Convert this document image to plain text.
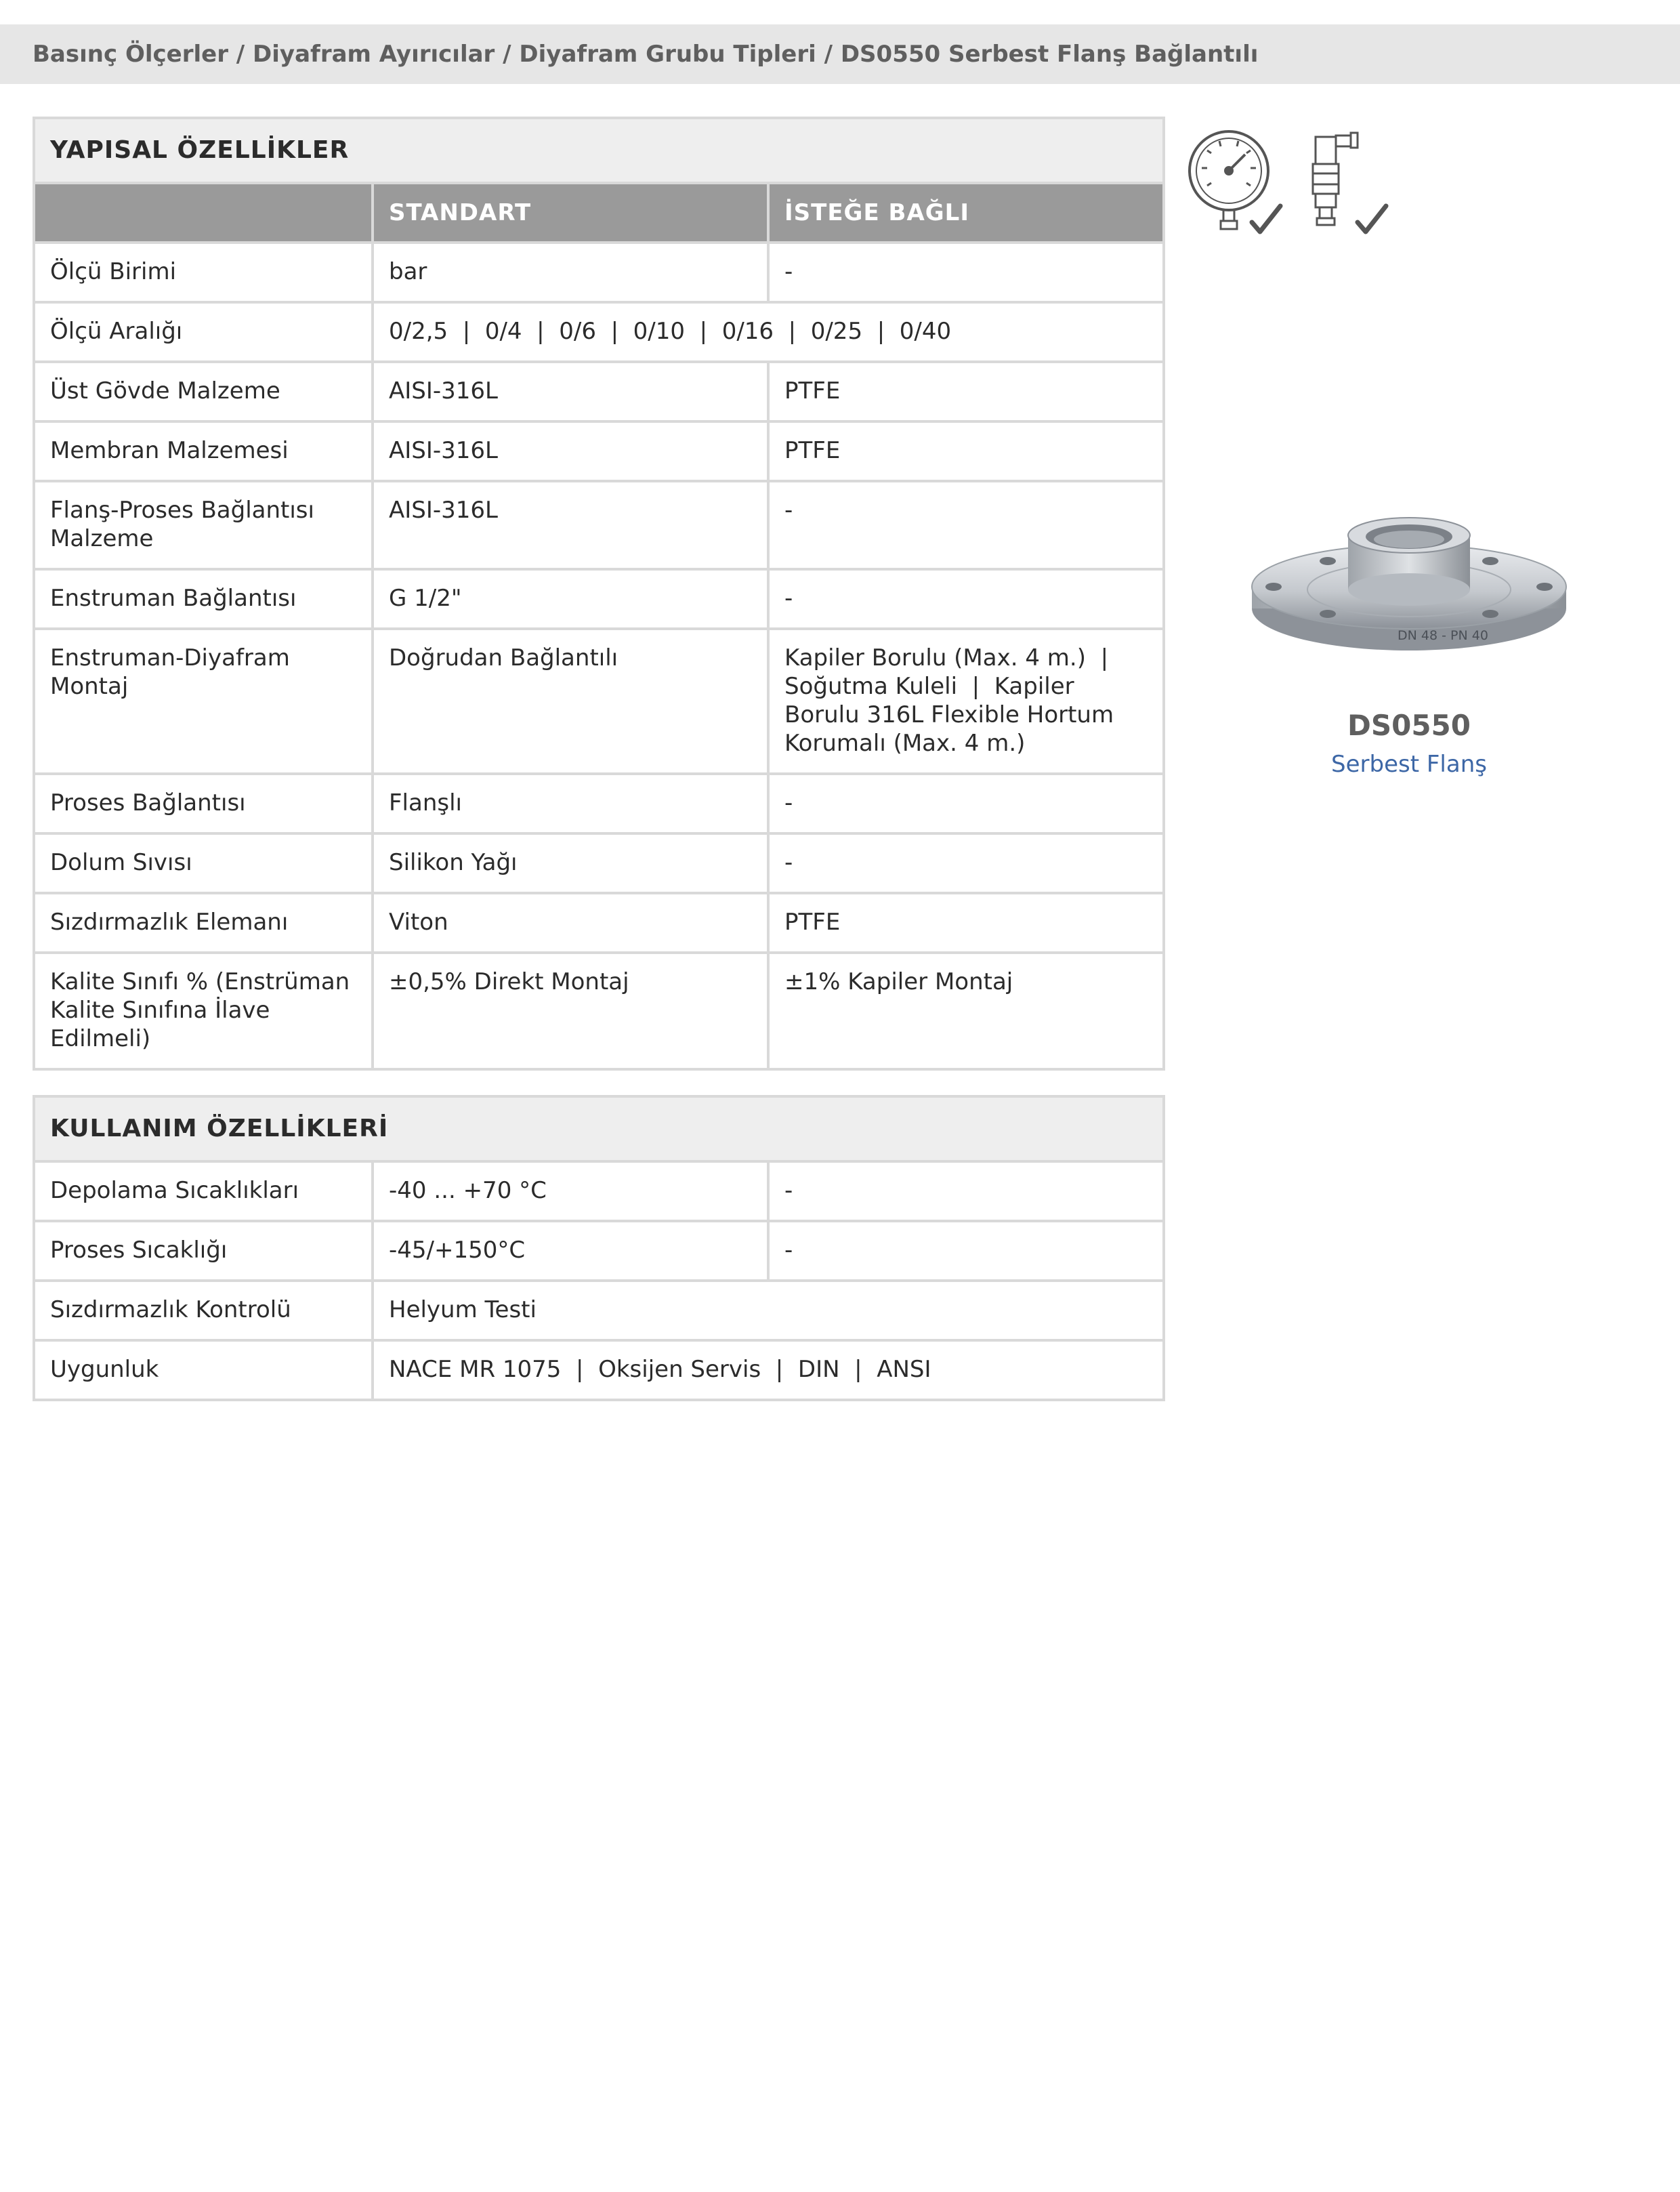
Basınç Ölçerler / Diyafram Ayırıcılar / Diyafram Grubu Tipleri / DS0550 Serbest Flanş Bağlantılı
YAPISAL ÖZELLİKLER		
	STANDART	İSTEĞE BAĞLI
Ölçü Birimi	bar	-
Ölçü Aralığı	0/2,5  |  0/4  |  0/6  |  0/10  |  0/16  |  0/25  |  0/40	
Üst Gövde Malzeme	AISI-316L	PTFE
Membran Malzemesi	AISI-316L	PTFE
Flanş-Proses Bağlantısı Malzeme	AISI-316L	-
Enstruman Bağlantısı	G 1/2"	-
Enstruman-Diyafram Montaj	Doğrudan Bağlantılı	Kapiler Borulu (Max. 4 m.)  |  Soğutma Kuleli  |  Kapiler Borulu 316L Flexible Hortum Korumalı (Max. 4 m.)
Proses Bağlantısı	Flanşlı	-
Dolum Sıvısı	Silikon Yağı	-
Sızdırmazlık Elemanı	Viton	PTFE
Kalite Sınıfı % (Enstrüman Kalite Sınıfına İlave Edilmeli)	±0,5% Direkt Montaj	±1% Kapiler Montaj
KULLANIM ÖZELLİKLERİ		
Depolama Sıcaklıkları	-40 ... +70 °C	-
Proses Sıcaklığı	-45/+150°C	-
Sızdırmazlık Kontrolü	Helyum Testi	
Uygunluk	NACE MR 1075  |  Oksijen Servis  |  DIN  |  ANSI	
DN 48 - PN 40
DS0550
Serbest Flanş
